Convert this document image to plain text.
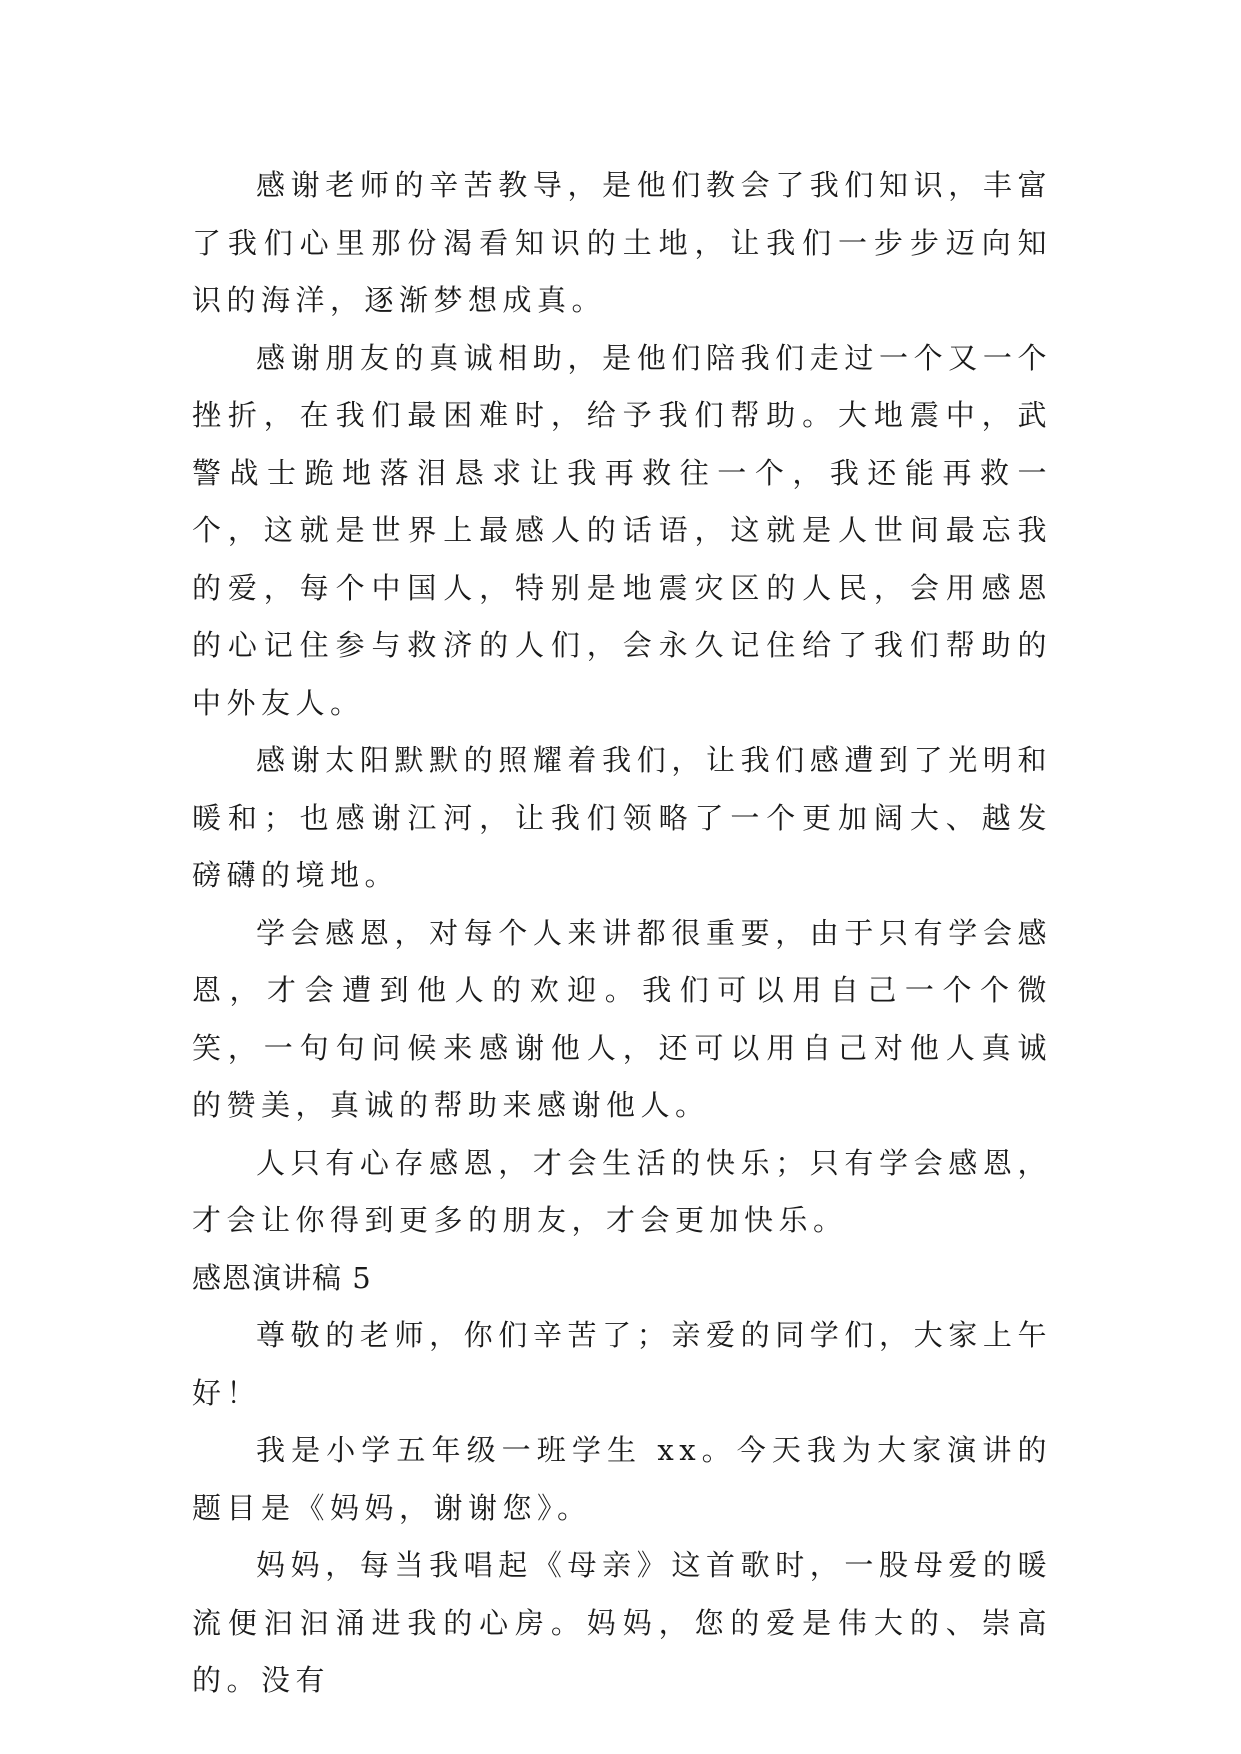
感谢老师的辛苦教导，是他们教会了我们知识，丰富了我们心里那份渴看知识的土地，让我们一步步迈向知识的海洋，逐渐梦想成真。

感谢朋友的真诚相助，是他们陪我们走过一个又一个挫折，在我们最困难时，给予我们帮助。大地震中，武警战士跪地落泪恳求让我再救往一个，我还能再救一个，这就是世界上最感人的话语，这就是人世间最忘我的爱，每个中国人，特别是地震灾区的人民，会用感恩的心记住参与救济的人们，会永久记住给了我们帮助的中外友人。

感谢太阳默默的照耀着我们，让我们感遭到了光明和暖和；也感谢江河，让我们领略了一个更加阔大、越发磅礴的境地。

学会感恩，对每个人来讲都很重要，由于只有学会感恩，才会遭到他人的欢迎。我们可以用自己一个个微笑，一句句问候来感谢他人，还可以用自己对他人真诚的赞美，真诚的帮助来感谢他人。

人只有心存感恩，才会生活的快乐；只有学会感恩，才会让你得到更多的朋友，才会更加快乐。

感恩演讲稿 5

尊敬的老师，你们辛苦了；亲爱的同学们，大家上午好！

我是小学五年级一班学生 xx。今天我为大家演讲的题目是《妈妈，谢谢您》。

妈妈，每当我唱起《母亲》这首歌时，一股母爱的暖流便汩汩涌进我的心房。妈妈，您的爱是伟大的、崇高的。没有
